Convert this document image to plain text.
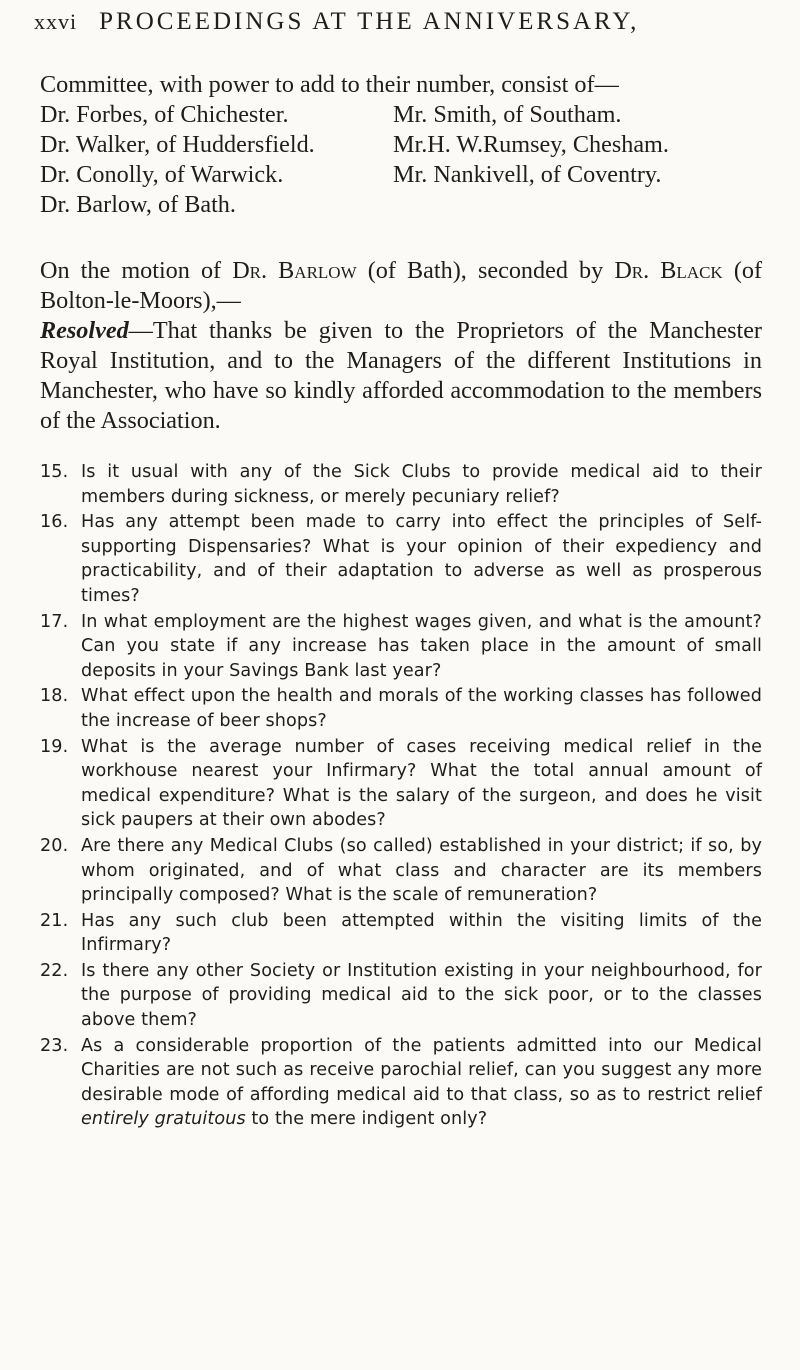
xxvi PROCEEDINGS AT THE ANNIVERSARY,
Committee, with power to add to their number, consist of—
Dr. Forbes, of Chichester.	Mr. Smith, of Southam.
Dr. Walker, of Huddersfield.	Mr.H. W.Rumsey, Chesham.
Dr. Conolly, of Warwick.	Mr. Nankivell, of Coventry.
Dr. Barlow, of Bath.
On the motion of Dr. Barlow (of Bath), seconded by Dr. Black (of Bolton-le-Moors),—
Resolved—That thanks be given to the Proprietors of the Manchester Royal Institution, and to the Managers of the different Institutions in Manchester, who have so kindly afforded accommodation to the members of the Association.
15. Is it usual with any of the Sick Clubs to provide medical aid to their members during sickness, or merely pecuniary relief?
16. Has any attempt been made to carry into effect the principles of Self-supporting Dispensaries? What is your opinion of their expediency and practicability, and of their adaptation to adverse as well as prosperous times?
17. In what employment are the highest wages given, and what is the amount? Can you state if any increase has taken place in the amount of small deposits in your Savings Bank last year?
18. What effect upon the health and morals of the working classes has followed the increase of beer shops?
19. What is the average number of cases receiving medical relief in the workhouse nearest your Infirmary? What the total annual amount of medical expenditure? What is the salary of the surgeon, and does he visit sick paupers at their own abodes?
20. Are there any Medical Clubs (so called) established in your district; if so, by whom originated, and of what class and character are its members principally composed? What is the scale of remuneration?
21. Has any such club been attempted within the visiting limits of the Infirmary?
22. Is there any other Society or Institution existing in your neighbourhood, for the purpose of providing medical aid to the sick poor, or to the classes above them?
23. As a considerable proportion of the patients admitted into our Medical Charities are not such as receive parochial relief, can you suggest any more desirable mode of affording medical aid to that class, so as to restrict relief entirely gratuitous to the mere indigent only?
